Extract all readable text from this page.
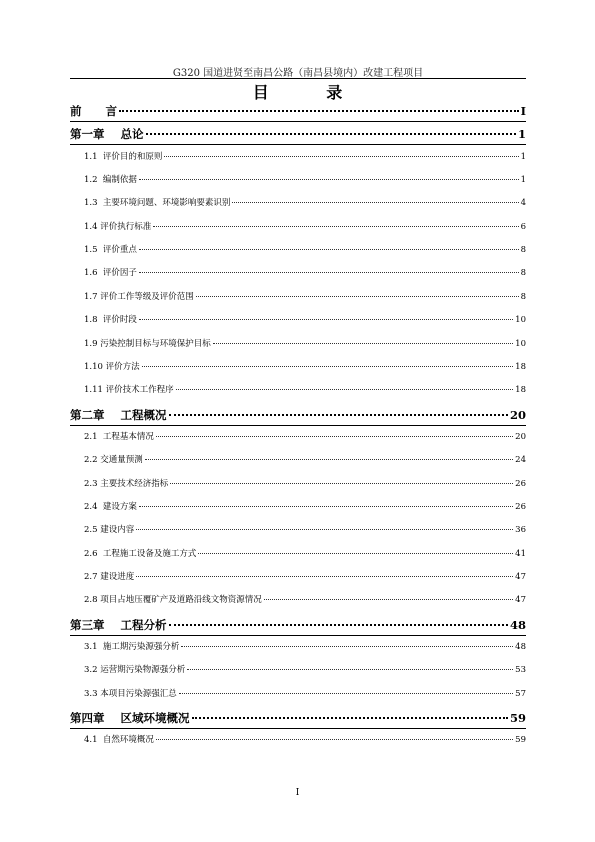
G320 国道进贤至南昌公路（南昌县境内）改建工程项目
目 录
前      言	I
第一章    总论	1
1.1  评价目的和原则	1
1.2  编制依据	1
1.3  主要环境问题、环境影响要素识别	4
1.4 评价执行标准	6
1.5  评价重点	8
1.6  评价因子	8
1.7 评价工作等级及评价范围	8
1.8  评价时段	10
1.9 污染控制目标与环境保护目标	10
1.10 评价方法	18
1.11 评价技术工作程序	18
第二章    工程概况	20
2.1  工程基本情况	20
2.2 交通量预测	24
2.3 主要技术经济指标	26
2.4  建设方案	26
2.5 建设内容	36
2.6  工程施工设备及施工方式	41
2.7 建设进度	47
2.8 项目占地压覆矿产及道路沿线文物资源情况	47
第三章    工程分析	48
3.1  施工期污染源强分析	48
3.2 运营期污染物源强分析	53
3.3 本项目污染源强汇总	57
第四章    区域环境概况	59
4.1  自然环境概况	59
I
